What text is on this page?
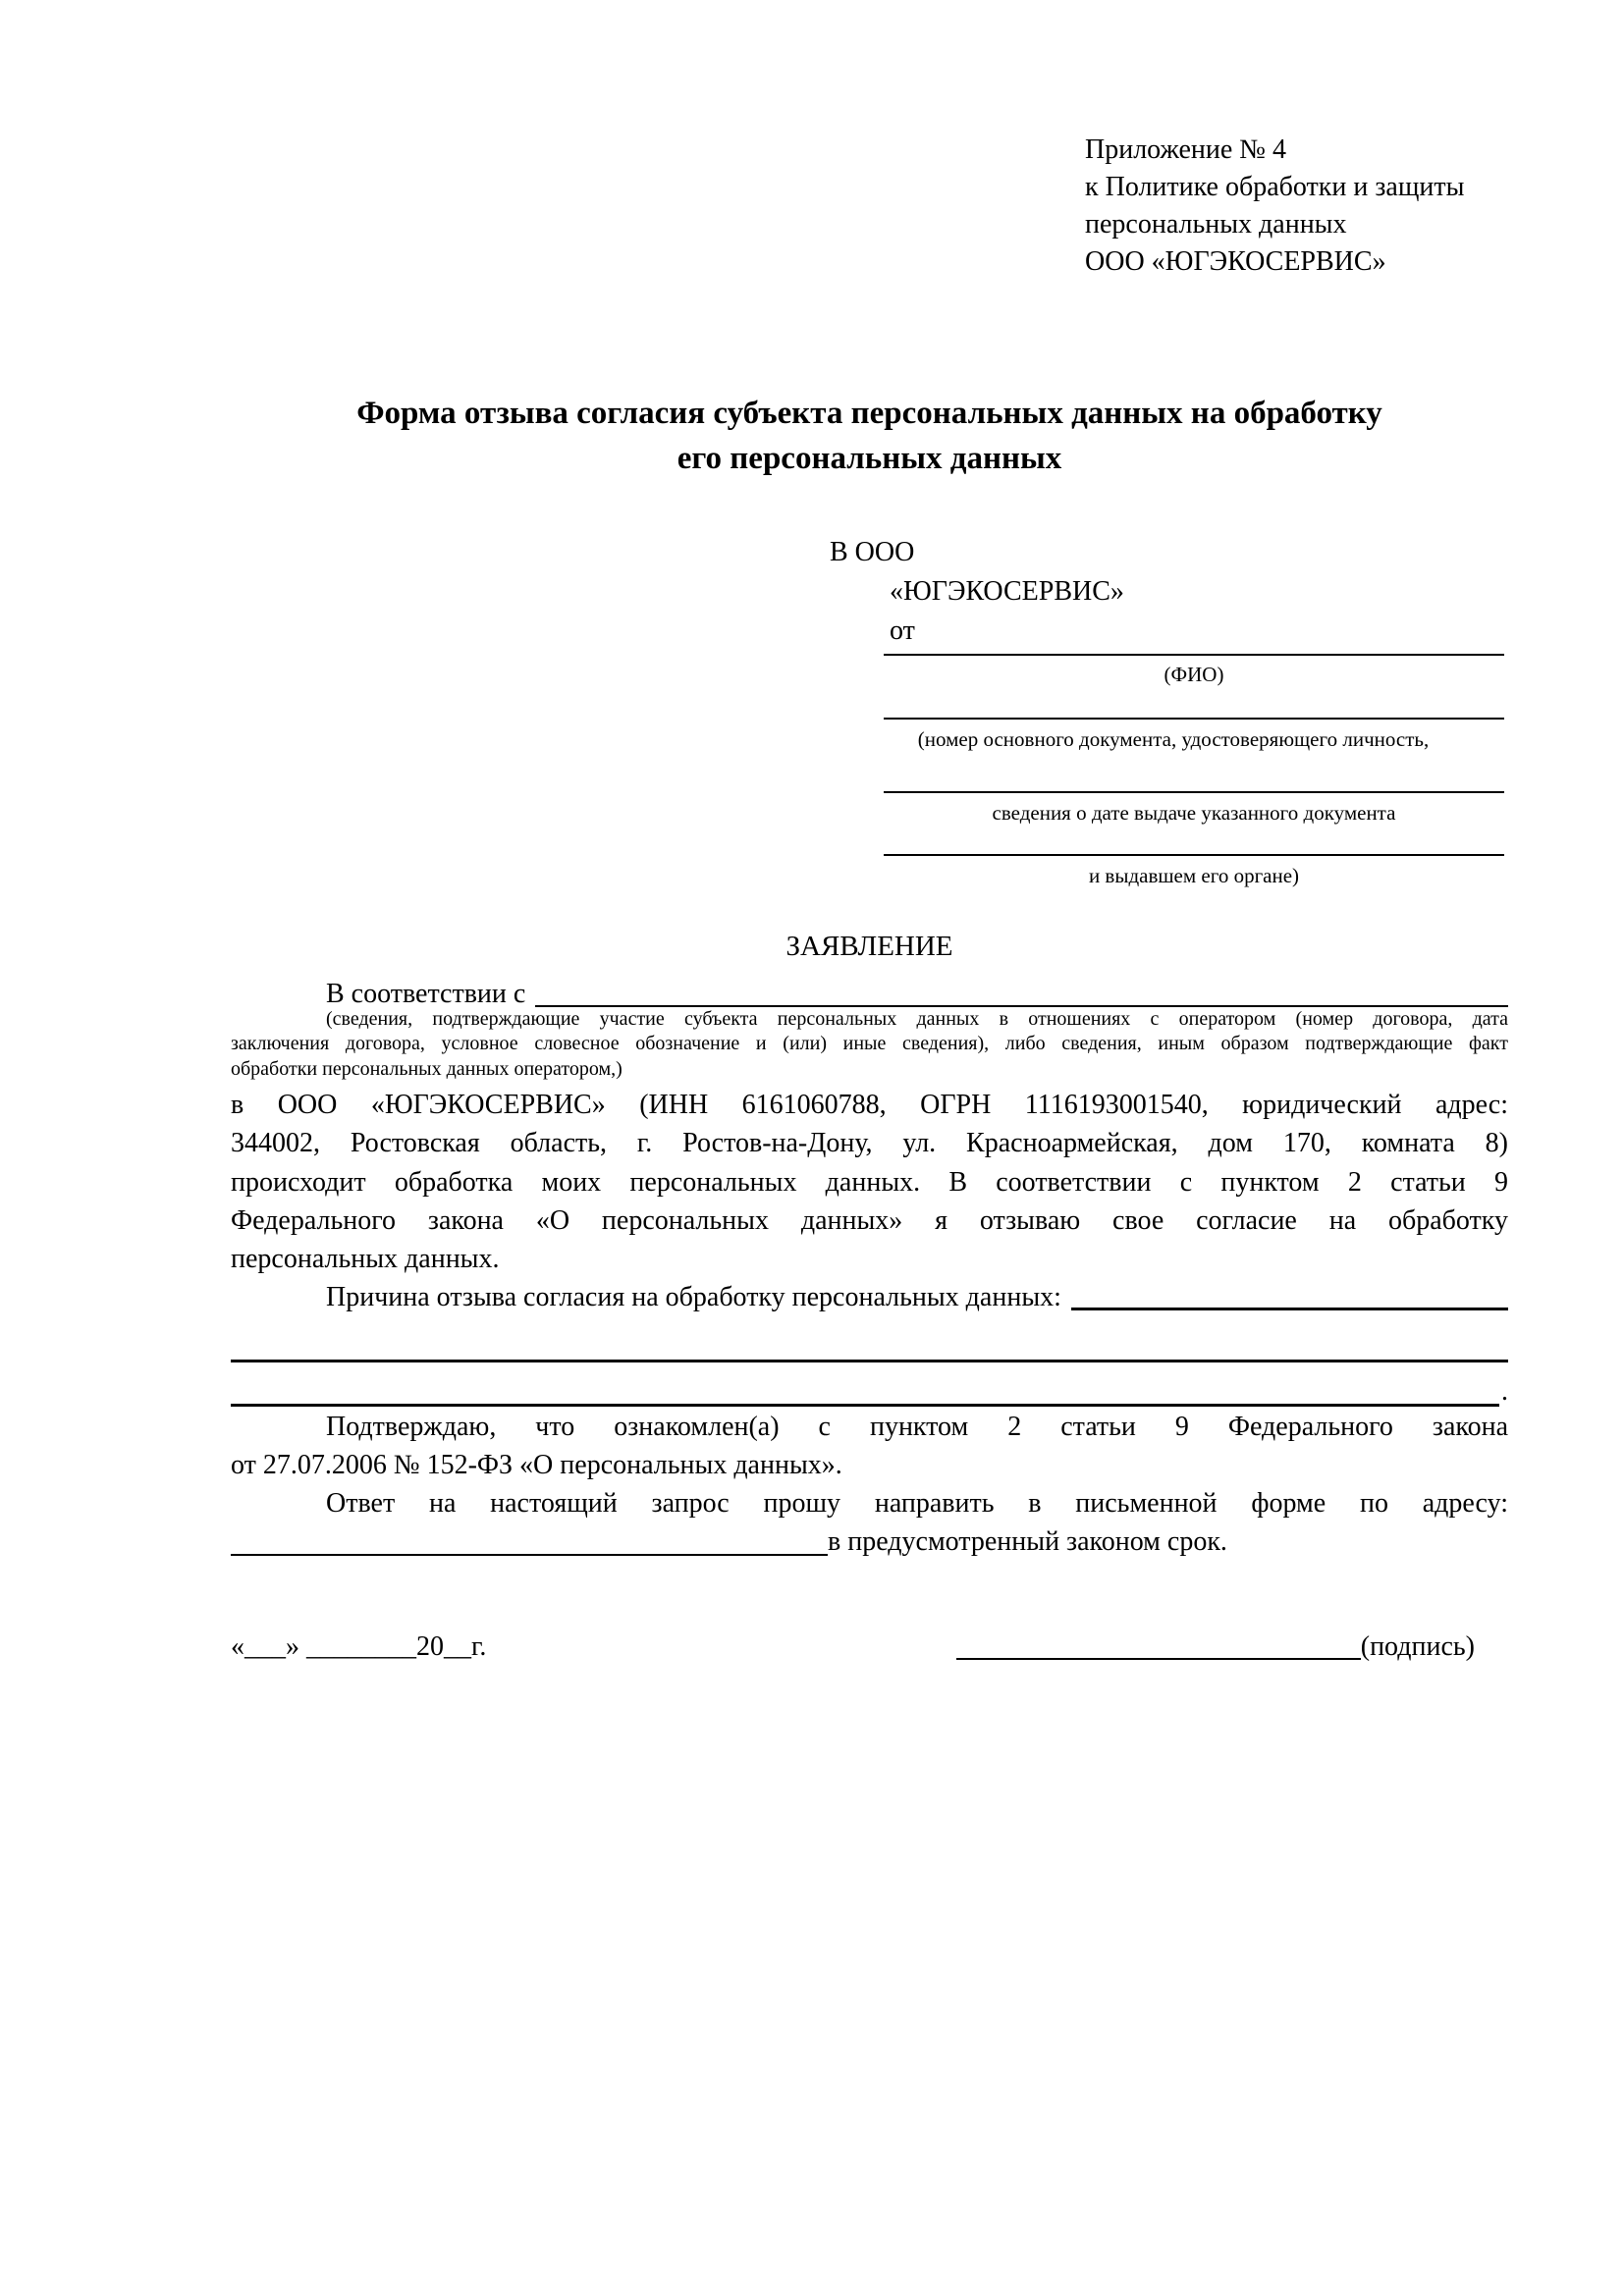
Приложение № 4
к Политике обработки и защиты
персональных данных
ООО «ЮГЭКОСЕРВИС»
Форма отзыва согласия субъекта персональных данных на обработку
его персональных данных
В ООО
«ЮГЭКОСЕРВИС»
от
(ФИО)
(номер основного документа, удостоверяющего личность,
сведения о дате выдаче указанного документа
и выдавшем его органе)
ЗАЯВЛЕНИЕ
В соответствии с
(сведения, подтверждающие участие субъекта персональных данных в отношениях с оператором (номер договора, дата
заключения договора, условное словесное обозначение и (или) иные сведения), либо сведения, иным образом подтверждающие факт
обработки персональных данных оператором,)
в ООО «ЮГЭКОСЕРВИС» (ИНН 6161060788, ОГРН 1116193001540, юридический адрес:
344002, Ростовская область, г. Ростов-на-Дону, ул. Красноармейская, дом 170, комната 8)
происходит обработка моих персональных данных. В соответствии с пунктом 2 статьи 9
Федерального закона «О персональных данных» я отзываю свое согласие на обработку
персональных данных.
Причина отзыва согласия на обработку персональных данных:
.
Подтверждаю, что ознакомлен(а) с пунктом 2 статьи 9 Федерального закона
от 27.07.2006 № 152-ФЗ «О персональных данных».
Ответ на настоящий запрос прошу направить в письменной форме по адресу:
в предусмотренный законом срок.
«___» ________20__г.	(подпись)
